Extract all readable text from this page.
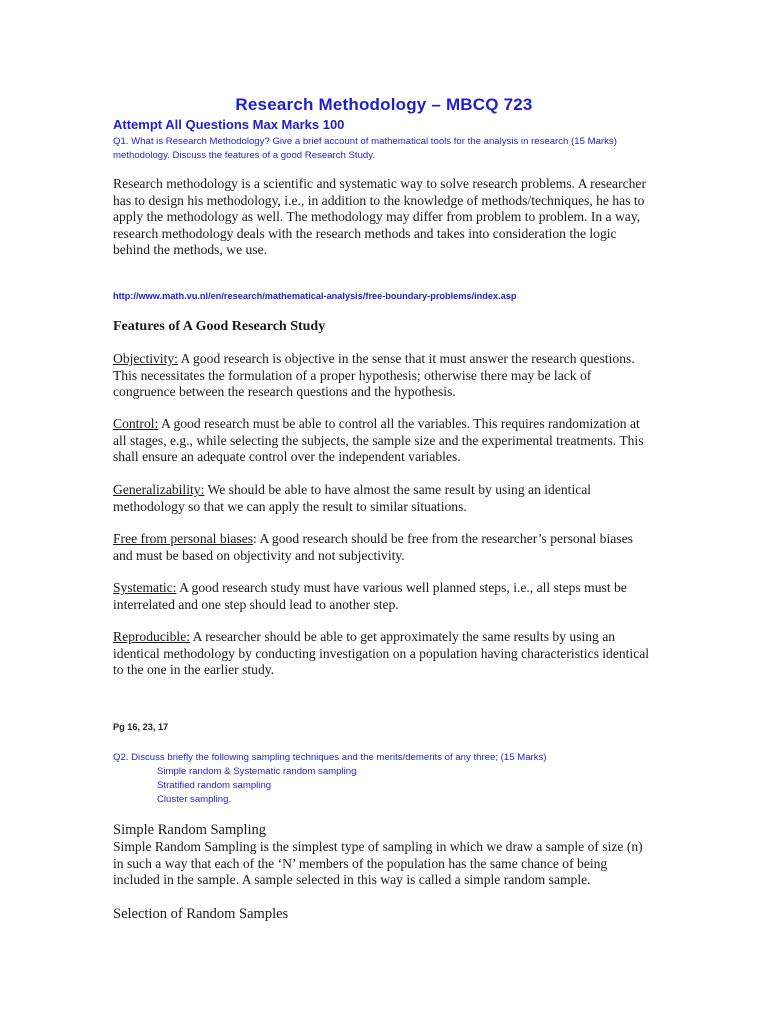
Research Methodology – MBCQ 723
Attempt All Questions Max Marks 100
Q1. What is Research Methodology? Give a brief account of mathematical tools for the analysis in research (15 Marks) methodology. Discuss the features of a good Research Study.
Research methodology is a scientific and systematic way to solve research problems. A researcher has to design his methodology, i.e., in addition to the knowledge of methods/techniques, he has to apply the methodology as well. The methodology may differ from problem to problem. In a way, research methodology deals with the research methods and takes into consideration the logic behind the methods, we use.
http://www.math.vu.nl/en/research/mathematical-analysis/free-boundary-problems/index.asp
Features of A Good Research Study
Objectivity: A good research is objective in the sense that it must answer the research questions. This necessitates the formulation of a proper hypothesis; otherwise there may be lack of congruence between the research questions and the hypothesis.
Control: A good research must be able to control all the variables. This requires randomization at all stages, e.g., while selecting the subjects, the sample size and the experimental treatments. This shall ensure an adequate control over the independent variables.
Generalizability: We should be able to have almost the same result by using an identical methodology so that we can apply the result to similar situations.
Free from personal biases: A good research should be free from the researcher’s personal biases and must be based on objectivity and not subjectivity.
Systematic: A good research study must have various well planned steps, i.e., all steps must be interrelated and one step should lead to another step.
Reproducible: A researcher should be able to get approximately the same results by using an identical methodology by conducting investigation on a population having characteristics identical to the one in the earlier study.
Pg 16, 23, 17
Q2. Discuss briefly the following sampling techniques and the merits/demerits of any three; (15 Marks)
Simple random & Systematic random sampling
Stratified random sampling
Cluster sampling.
Simple Random Sampling
Simple Random Sampling is the simplest type of sampling in which we draw a sample of size (n) in such a way that each of the ‘N’ members of the population has the same chance of being included in the sample. A sample selected in this way is called a simple random sample.
Selection of Random Samples
